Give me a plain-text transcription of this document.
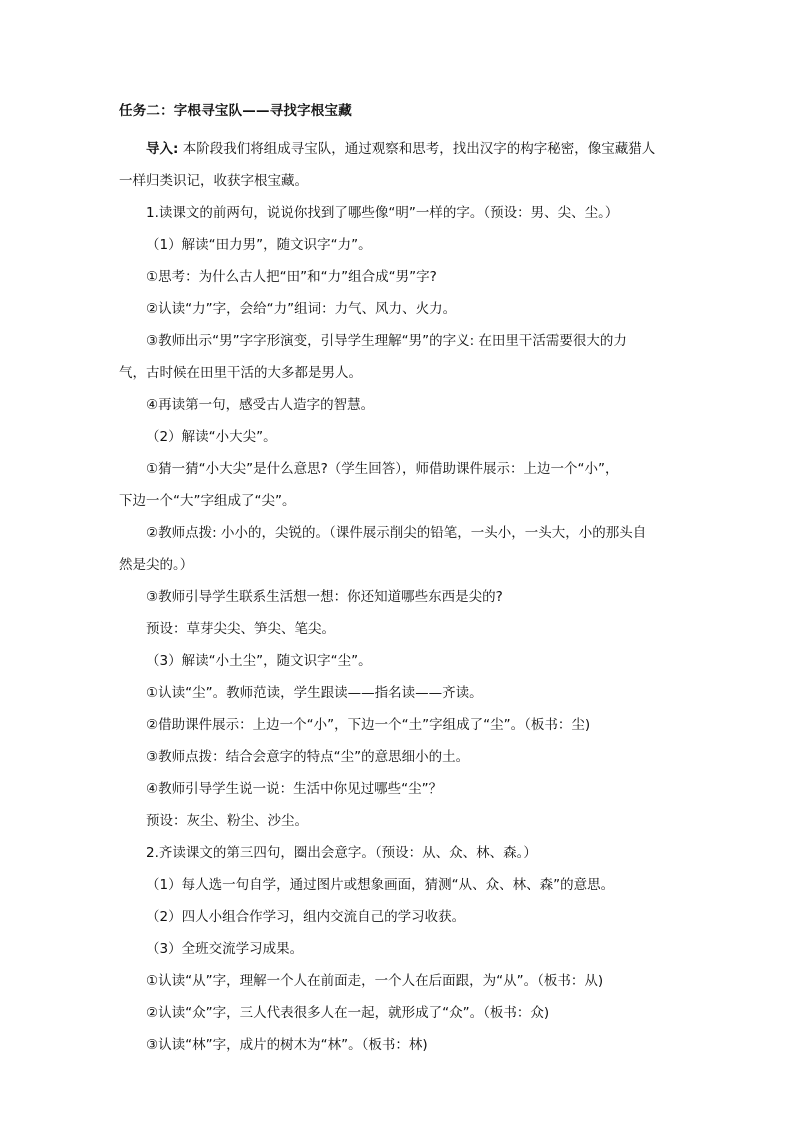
任务二：字根寻宝队——寻找字根宝藏

导入: 本阶段我们将组成寻宝队，通过观察和思考，找出汉字的构字秘密，像宝藏猎人

一样归类识记，收获字根宝藏。

1.读课文的前两句，说说你找到了哪些像“明”一样的字。（预设：男、尖、尘。）

（1）解读“田力男”，随文识字“力”。

①思考：为什么古人把“田”和“力”组合成“男”字?

②认读“力”字，会给“力”组词：力气、风力、火力。

③教师出示“男”字字形演变，引导学生理解“男”的字义: 在田里干活需要很大的力

气，古时候在田里干活的大多都是男人。

④再读第一句，感受古人造字的智慧。

（2）解读“小大尖”。

①猜一猜“小大尖”是什么意思?（学生回答），师借助课件展示：上边一个“小”，

下边一个“大”字组成了“尖”。

②教师点拨: 小小的，尖锐的。（课件展示削尖的铅笔，一头小，一头大，小的那头自

然是尖的。）

③教师引导学生联系生活想一想：你还知道哪些东西是尖的?

预设：草芽尖尖、笋尖、笔尖。

（3）解读“小土尘”，随文识字“尘”。

①认读“尘”。教师范读，学生跟读——指名读——齐读。

②借助课件展示：上边一个“小”，下边一个“土”字组成了“尘”。（板书：尘)

③教师点拨：结合会意字的特点“尘”的意思细小的土。

④教师引导学生说一说：生活中你见过哪些“尘”？

预设：灰尘、粉尘、沙尘。

2.齐读课文的第三四句，圈出会意字。（预设：从、众、林、森。）

（1）每人选一句自学，通过图片或想象画面，猜测“从、众、林、森”的意思。

（2）四人小组合作学习，组内交流自己的学习收获。

（3）全班交流学习成果。

①认读“从”字，理解一个人在前面走，一个人在后面跟，为“从”。（板书：从)

②认读“众”字，三人代表很多人在一起，就形成了“众”。（板书：众)

③认读“林”字，成片的树木为“林”。（板书：林)
